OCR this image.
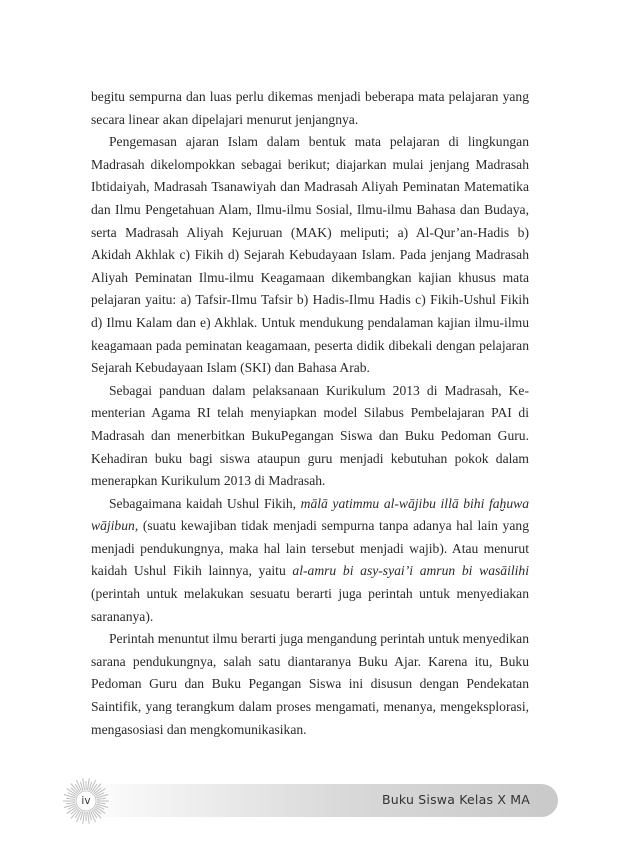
begitu sempurna dan luas perlu dikemas menjadi beberapa mata pelajaran yang secara linear akan dipelajari menurut jenjangnya.

Pengemasan ajaran Islam dalam bentuk mata pelajaran di lingkungan Madrasah dikelompokkan sebagai berikut; diajarkan mulai jenjang Madrasah Ibtidaiyah, Madrasah Tsanawiyah dan Madrasah Aliyah Peminatan Matematika dan Ilmu Pengetahuan Alam, Ilmu-ilmu Sosial, Ilmu-ilmu Bahasa dan Budaya, serta Madrasah Aliyah Kejuruan (MAK) meliputi; a) Al-Qur’an-Hadis b) Akidah Akhlak c) Fikih d) Sejarah Kebudayaan Islam. Pada jenjang Madrasah Aliyah Peminatan Ilmu-ilmu Keagamaan dikembangkan kajian khusus mata pelajaran yaitu: a) Tafsir-Ilmu Tafsir b) Hadis-Ilmu Hadis c) Fikih-Ushul Fikih d) Ilmu Kalam dan e) Akhlak. Untuk mendukung pendalaman kajian ilmu-ilmu keagamaan pada peminatan keagamaan, peserta didik dibekali dengan pelajaran Sejarah Kebudayaan Islam (SKI) dan Bahasa Arab.

Sebagai panduan dalam pelaksanaan Kurikulum 2013 di Madrasah, Kementerian Agama RI telah menyiapkan model Silabus Pembelajaran PAI di Madrasah dan menerbitkan BukuPegangan Siswa dan Buku Pedoman Guru. Kehadiran buku bagi siswa ataupun guru menjadi kebutuhan pokok dalam menerapkan Kurikulum 2013 di Madrasah.

Sebagaimana kaidah Ushul Fikih, mālā yatimmu al-wājibu illā bihi faḫuwa wājibun, (suatu kewajiban tidak menjadi sempurna tanpa adanya hal lain yang menjadi pendukungnya, maka hal lain tersebut menjadi wajib). Atau menurut kaidah Ushul Fikih lainnya, yaitu al-amru bi asy-syai’i amrun bi wasāilihi (perintah untuk melakukan sesuatu berarti juga perintah untuk menyediakan sarananya).

Perintah menuntut ilmu berarti juga mengandung perintah untuk menyedikan sarana pendukungnya, salah satu diantaranya Buku Ajar. Karena itu, Buku Pedoman Guru dan Buku Pegangan Siswa ini disusun dengan Pendekatan Saintifik, yang terangkum dalam proses mengamati, menanya, mengeksplorasi, mengasosiasi dan mengkomunikasikan.

Buku Siswa Kelas X MA
iv
